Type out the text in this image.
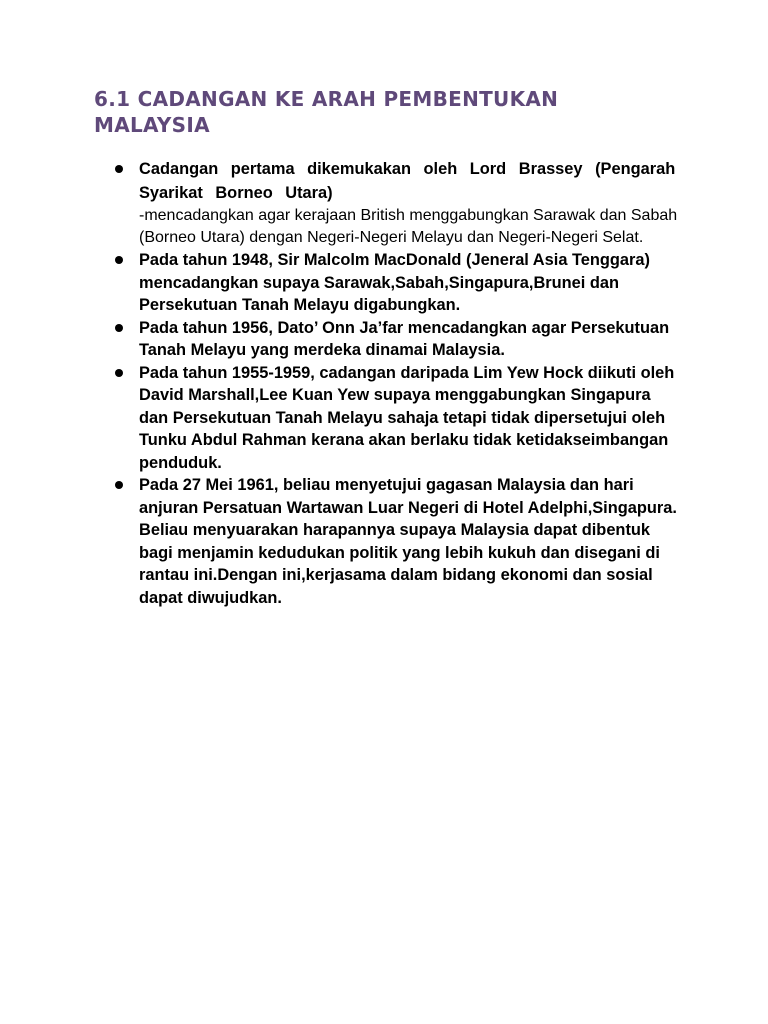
6.1 CADANGAN KE ARAH PEMBENTUKAN MALAYSIA
Cadangan pertama dikemukakan oleh Lord Brassey (Pengarah Syarikat Borneo Utara)
-mencadangkan agar kerajaan British menggabungkan Sarawak dan Sabah (Borneo Utara) dengan Negeri-Negeri Melayu dan Negeri-Negeri Selat.
Pada tahun 1948, Sir Malcolm MacDonald (Jeneral Asia Tenggara) mencadangkan supaya Sarawak,Sabah,Singapura,Brunei dan Persekutuan Tanah Melayu digabungkan.
Pada tahun 1956, Dato’ Onn Ja’far mencadangkan agar Persekutuan Tanah Melayu yang merdeka dinamai Malaysia.
Pada tahun 1955-1959, cadangan daripada Lim Yew Hock diikuti oleh David Marshall,Lee Kuan Yew supaya menggabungkan Singapura dan Persekutuan Tanah Melayu sahaja tetapi tidak dipersetujui oleh Tunku Abdul Rahman kerana akan berlaku tidak ketidakseimbangan penduduk.
Pada 27 Mei 1961, beliau menyetujui gagasan Malaysia dan hari anjuran Persatuan Wartawan Luar Negeri di Hotel Adelphi,Singapura. Beliau menyuarakan harapannya supaya Malaysia dapat dibentuk bagi menjamin kedudukan politik yang lebih kukuh dan disegani di rantau ini.Dengan ini,kerjasama dalam bidang ekonomi dan sosial dapat diwujudkan.
